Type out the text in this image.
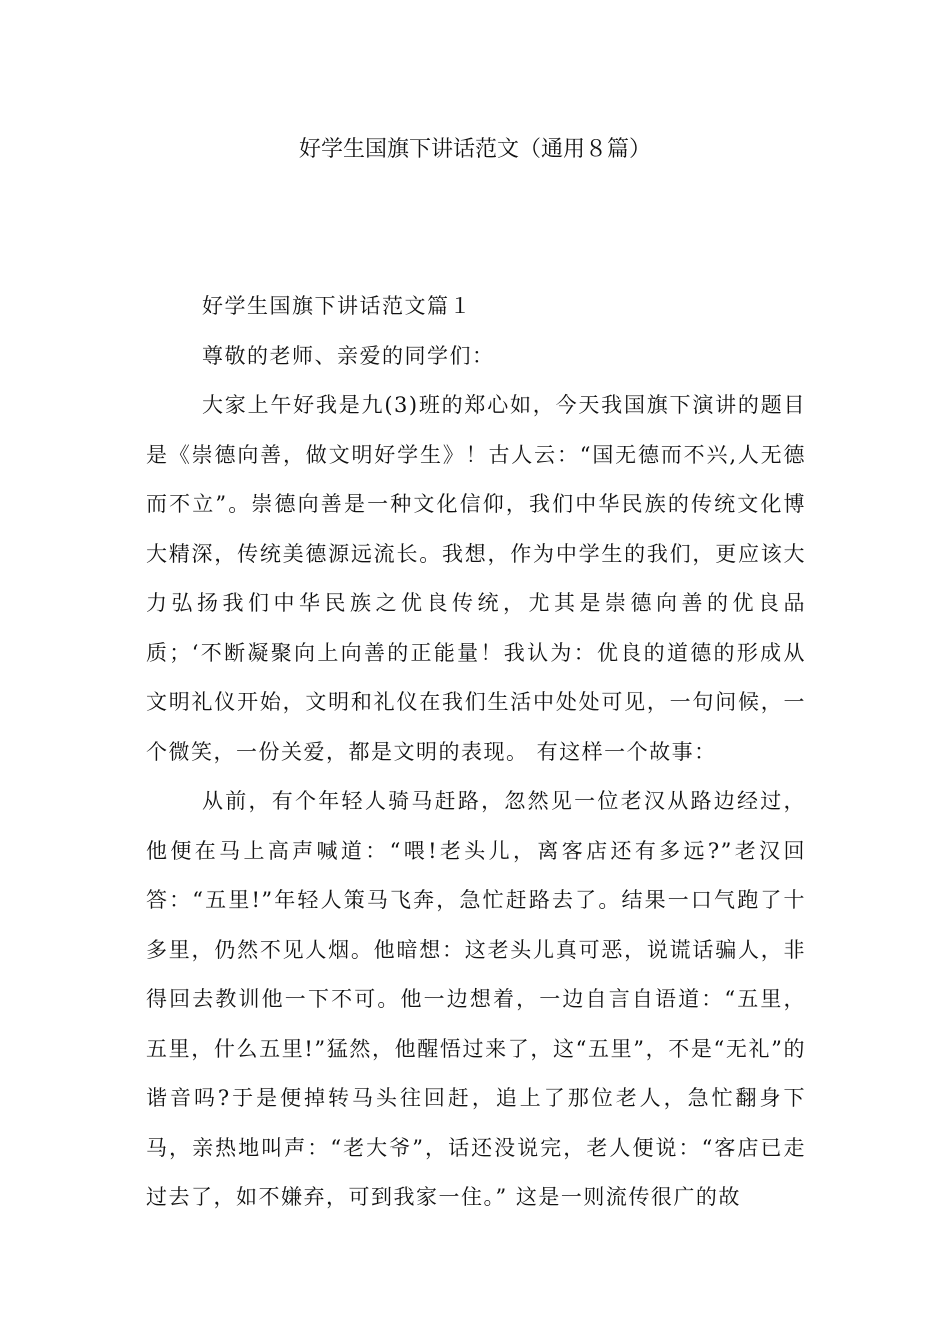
好学生国旗下讲话范文（通用８篇）

好学生国旗下讲话范文篇１

尊敬的老师、亲爱的同学们：

大家上午好我是九(3)班的郑心如，今天我国旗下演讲的题目是《崇德向善，做文明好学生》！古人云：“国无德而不兴,人无德而不立”。崇德向善是一种文化信仰，我们中华民族的传统文化博大精深，传统美德源远流长。我想，作为中学生的我们，更应该大力弘扬我们中华民族之优良传统，尤其是崇德向善的优良品质；‘不断凝聚向上向善的正能量！我认为：优良的道德的形成从文明礼仪开始，文明和礼仪在我们生活中处处可见，一句问候，一个微笑，一份关爱，都是文明的表现。 有这样一个故事：

从前，有个年轻人骑马赶路，忽然见一位老汉从路边经过，他便在马上高声喊道：“喂!老头儿，离客店还有多远?”老汉回答：“五里!”年轻人策马飞奔，急忙赶路去了。结果一口气跑了十多里，仍然不见人烟。他暗想：这老头儿真可恶，说谎话骗人，非得回去教训他一下不可。他一边想着，一边自言自语道：“五里，五里，什么五里!”猛然，他醒悟过来了，这“五里”，不是“无礼”的谐音吗?于是便掉转马头往回赶，追上了那位老人，急忙翻身下马，亲热地叫声：“老大爷”，话还没说完，老人便说：“客店已走过去了，如不嫌弃，可到我家一住。” 这是一则流传很广的故
